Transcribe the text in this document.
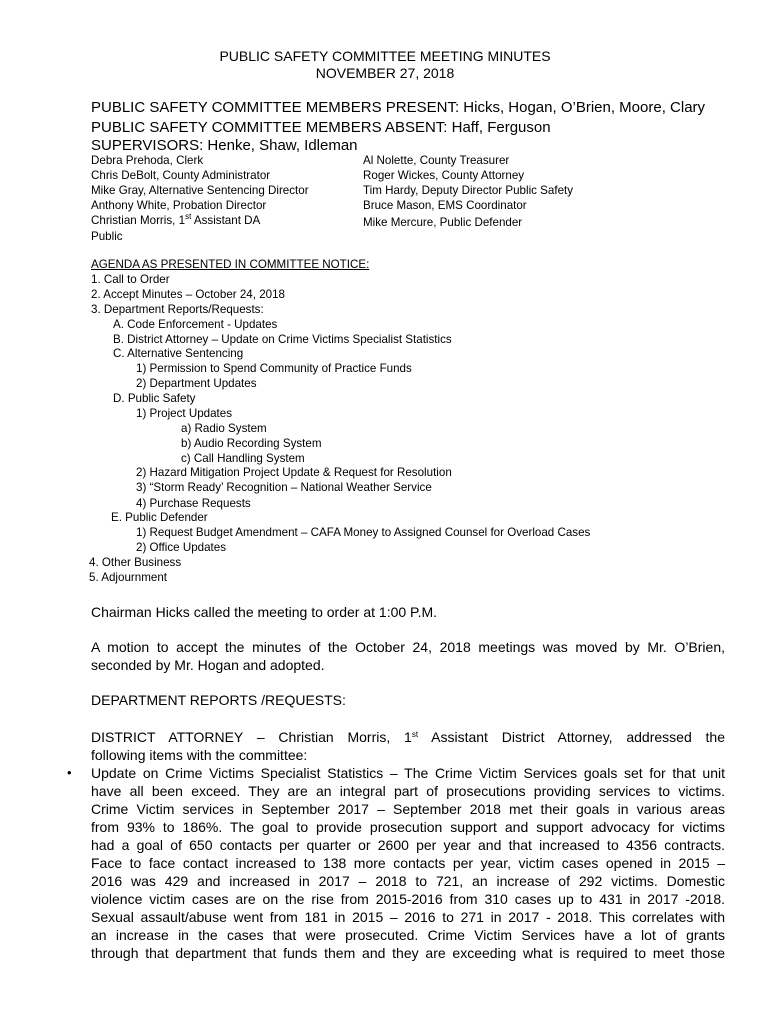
PUBLIC SAFETY COMMITTEE MEETING MINUTES
NOVEMBER 27, 2018
PUBLIC SAFETY COMMITTEE MEMBERS PRESENT: Hicks, Hogan, O’Brien, Moore, Clary
PUBLIC SAFETY COMMITTEE MEMBERS ABSENT: Haff, Ferguson
SUPERVISORS: Henke, Shaw, Idleman
Debra Prehoda, Clerk
Chris DeBolt, County Administrator
Mike Gray, Alternative Sentencing Director
Anthony White, Probation Director
Christian Morris, 1st Assistant DA
Public
Al Nolette, County Treasurer
Roger Wickes, County Attorney
Tim Hardy, Deputy Director Public Safety
Bruce Mason, EMS Coordinator
Mike Mercure, Public Defender
AGENDA AS PRESENTED IN COMMITTEE NOTICE:
1. Call to Order
2. Accept Minutes – October 24, 2018
3. Department Reports/Requests:
A. Code Enforcement - Updates
B. District Attorney – Update on Crime Victims Specialist Statistics
C. Alternative Sentencing
1) Permission to Spend Community of Practice Funds
2) Department Updates
D. Public Safety
1) Project Updates
a) Radio System
b) Audio Recording System
c) Call Handling System
2) Hazard Mitigation Project Update & Request for Resolution
3) “Storm Ready’ Recognition – National Weather Service
4) Purchase Requests
E. Public Defender
1) Request Budget Amendment – CAFA Money to Assigned Counsel for Overload Cases
2) Office Updates
4. Other Business
5. Adjournment
Chairman Hicks called the meeting to order at 1:00 P.M.
A motion to accept the minutes of the October 24, 2018 meetings was moved by Mr. O’Brien,
seconded by Mr. Hogan and adopted.
DEPARTMENT REPORTS /REQUESTS:
DISTRICT ATTORNEY – Christian Morris, 1st Assistant District Attorney, addressed the
following items with the committee:
• Update on Crime Victims Specialist Statistics – The Crime Victim Services goals set for that unit
have all been exceed. They are an integral part of prosecutions providing services to victims.
Crime Victim services in September 2017 – September 2018 met their goals in various areas
from 93% to 186%. The goal to provide prosecution support and support advocacy for victims
had a goal of 650 contacts per quarter or 2600 per year and that increased to 4356 contracts.
Face to face contact increased to 138 more contacts per year, victim cases opened in 2015 –
2016 was 429 and increased in 2017 – 2018 to 721, an increase of 292 victims. Domestic
violence victim cases are on the rise from 2015-2016 from 310 cases up to 431 in 2017 -2018.
Sexual assault/abuse went from 181 in 2015 – 2016 to 271 in 2017 - 2018. This correlates with
an increase in the cases that were prosecuted. Crime Victim Services have a lot of grants
through that department that funds them and they are exceeding what is required to meet those
